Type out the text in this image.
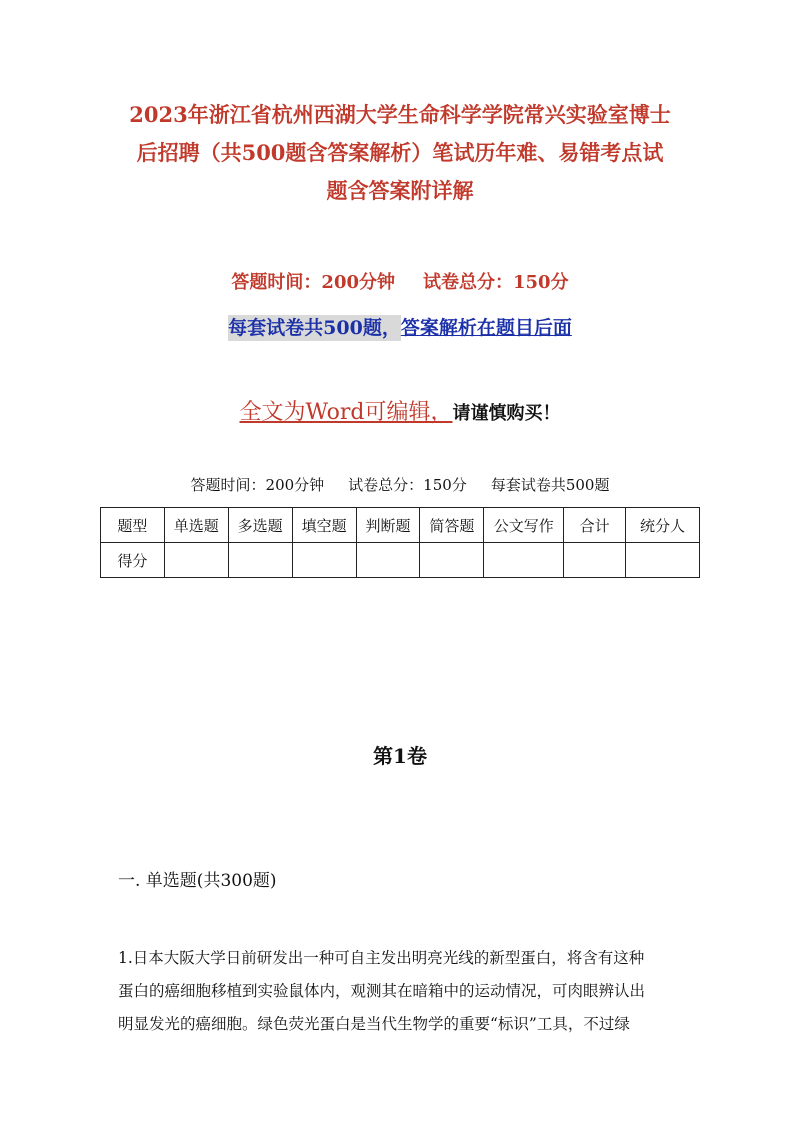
2023年浙江省杭州西湖大学生命科学学院常兴实验室博士
后招聘（共500题含答案解析）笔试历年难、易错考点试
题含答案附详解
答题时间：200分钟 试卷总分：150分
每套试卷共500题，答案解析在题目后面
全文为Word可编辑，请谨慎购买！
答题时间：200分钟 试卷总分：150分 每套试卷共500题
题型	单选题	多选题	填空题	判断题	简答题	公文写作	合计	统分人
得分								
第1卷
一. 单选题(共300题)
1.日本大阪大学日前研发出一种可自主发出明亮光线的新型蛋白，将含有这种
蛋白的癌细胞移植到实验鼠体内，观测其在暗箱中的运动情况，可肉眼辨认出
明显发光的癌细胞。绿色荧光蛋白是当代生物学的重要“标识”工具，不过绿
